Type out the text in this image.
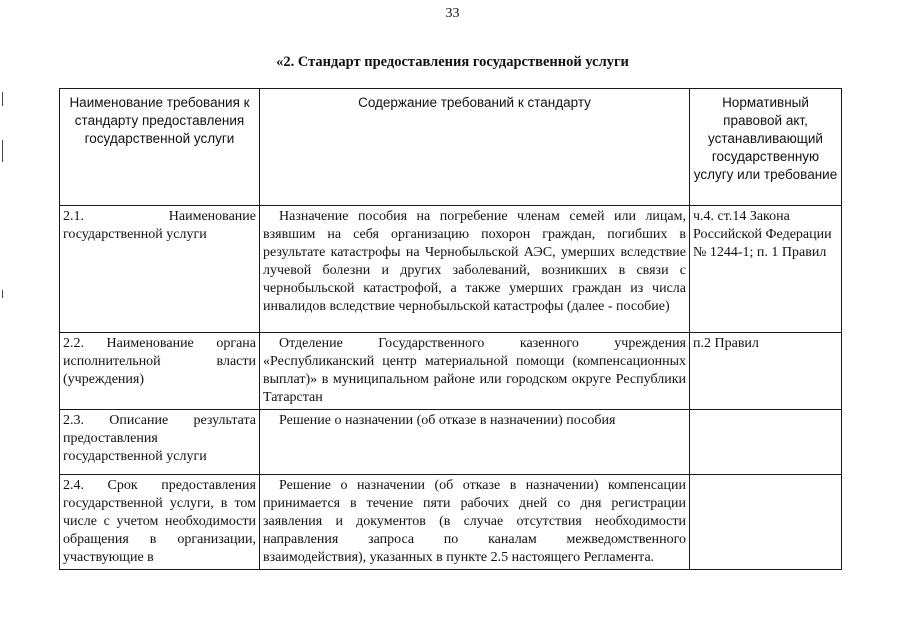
33
«2. Стандарт предоставления государственной услуги
Наименование требования к стандарту предоставления государственной услуги	Содержание требований к стандарту	Нормативный правовой акт, устанавливающий государственную услугу или требование
2.1. Наименование государственной услуги	Назначение пособия на погребение членам семей или лицам, взявшим на себя организацию похорон граждан, погибших в результате катастрофы на Чернобыльской АЭС, умерших вследствие лучевой болезни и других заболеваний, возникших в связи с чернобыльской катастрофой, а также умерших граждан из числа инвалидов вследствие чернобыльской катастрофы (далее - пособие)	ч.4. ст.14 Закона Российской Федерации № 1244-1; п. 1 Правил
2.2. Наименование органа исполнительной власти (учреждения)	Отделение Государственного казенного учреждения «Республиканский центр материальной помощи (компенсационных выплат)» в муниципальном районе или городском округе Республики Татарстан	п.2 Правил
2.3. Описание результата предоставления государственной услуги	Решение о назначении (об отказе в назначении) пособия	
2.4. Срок предоставления государственной услуги, в том числе с учетом необходимости обращения в организации, участвующие в	Решение о назначении (об отказе в назначении) компенсации принимается в течение пяти рабочих дней со дня регистрации заявления и документов (в случае отсутствия необходимости направления запроса по каналам межведомственного взаимодействия), указанных в пункте 2.5 настоящего Регламента.	
